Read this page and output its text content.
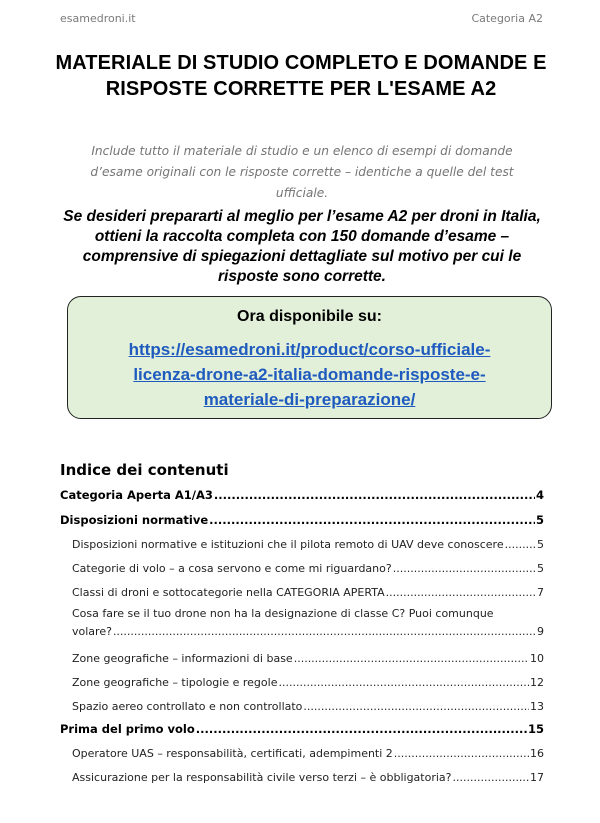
esamedroni.it	Categoria A2
MATERIALE DI STUDIO COMPLETO E DOMANDE E RISPOSTE CORRETTE PER L'ESAME A2
Include tutto il materiale di studio e un elenco di esempi di domande d’esame originali con le risposte corrette – identiche a quelle del test ufficiale.
Se desideri prepararti al meglio per l’esame A2 per droni in Italia, ottieni la raccolta completa con 150 domande d’esame – comprensive di spiegazioni dettagliate sul motivo per cui le risposte sono corrette.
Ora disponibile su:
https://esamedroni.it/product/corso-ufficiale-
licenza-drone-a2-italia-domande-risposte-e-
materiale-di-preparazione/
Indice dei contenuti
Categoria Aperta A1/A3 .....	4
Disposizioni normative .....	5
Disposizioni normative e istituzioni che il pilota remoto di UAV deve conoscere .....	5
Categorie di volo – a cosa servono e come mi riguardano? .....	5
Classi di droni e sottocategorie nella CATEGORIA APERTA .....	7
Cosa fare se il tuo drone non ha la designazione di classe C? Puoi comunque
volare? .....	9
Zone geografiche – informazioni di base .....	10
Zone geografiche – tipologie e regole .....	12
Spazio aereo controllato e non controllato .....	13
Prima del primo volo .....	15
Operatore UAS – responsabilità, certificati, adempimenti 2 .....	16
Assicurazione per la responsabilità civile verso terzi – è obbligatoria? .....	17
